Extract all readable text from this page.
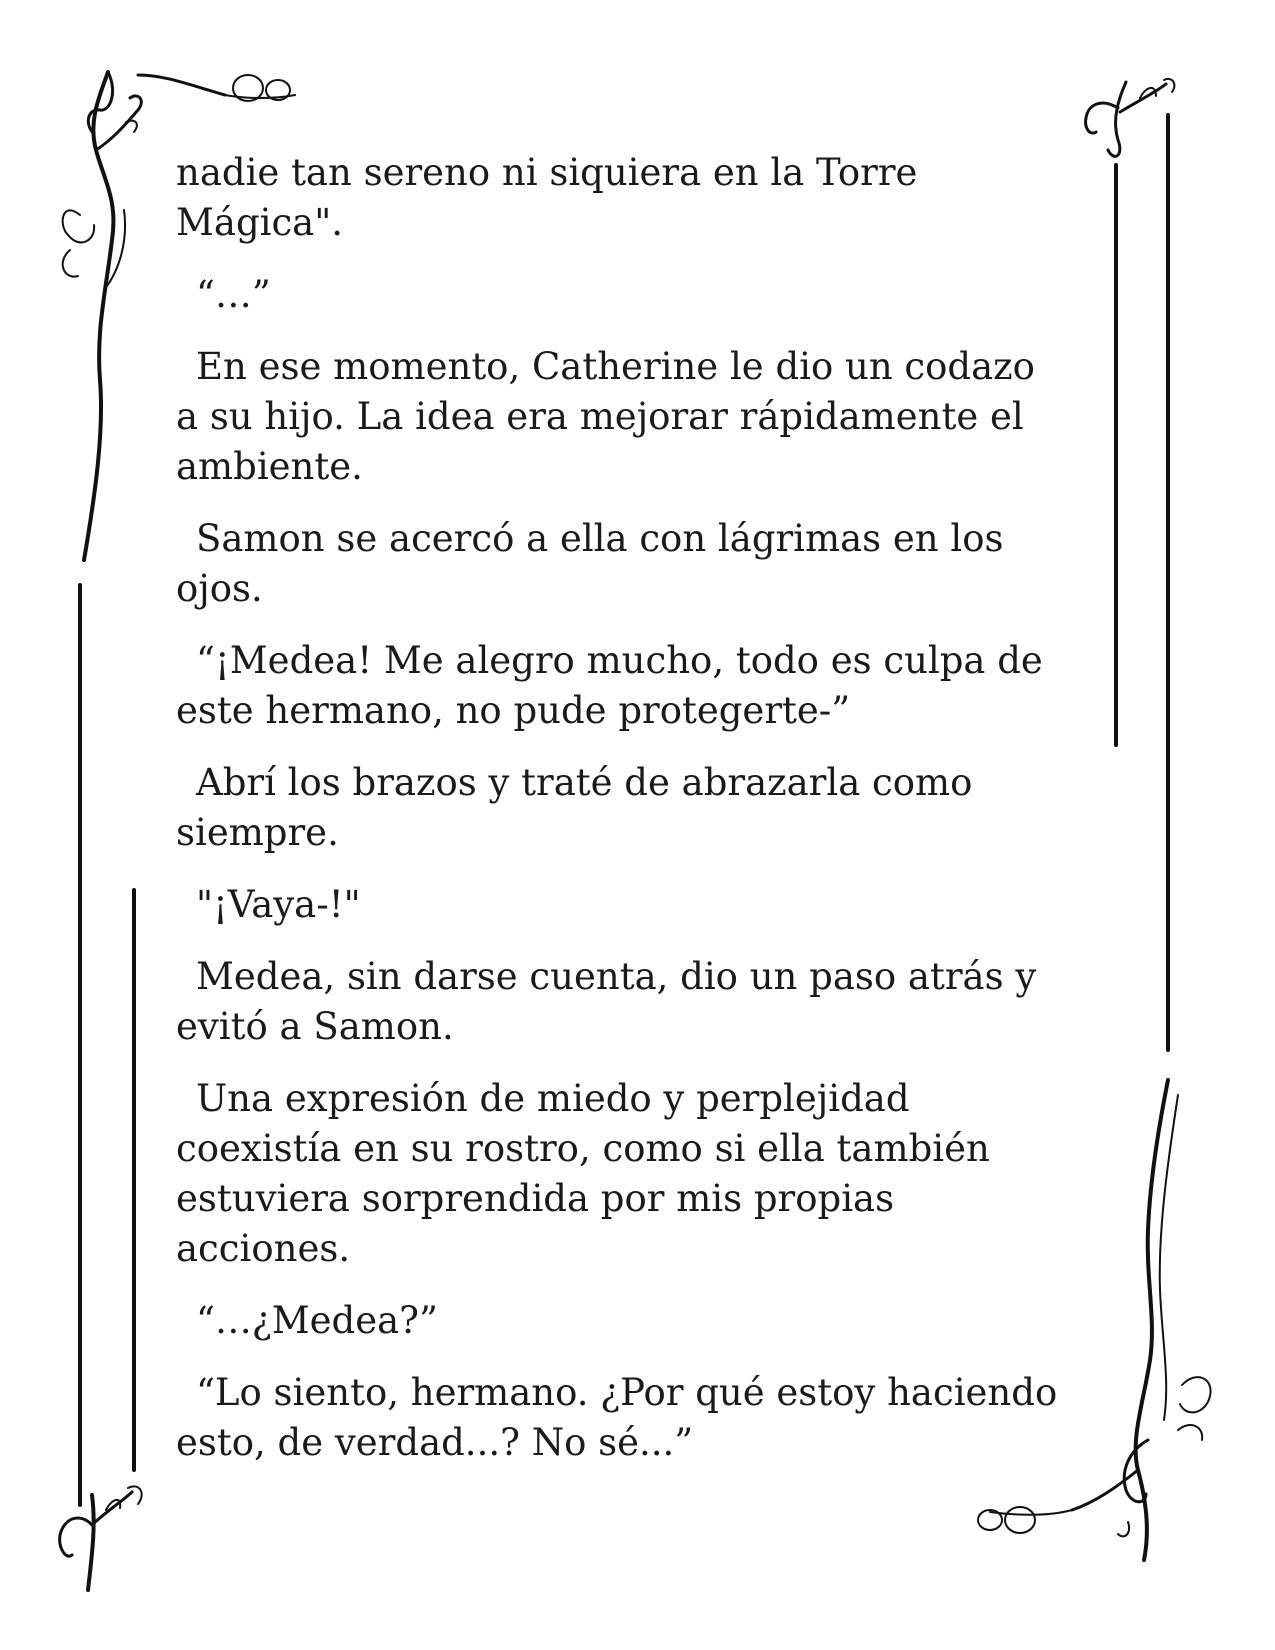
nadie tan sereno ni siquiera en la Torre
Mágica".

“…”

En ese momento, Catherine le dio un codazo
a su hijo. La idea era mejorar rápidamente el
ambiente.

Samon se acercó a ella con lágrimas en los
ojos.

“¡Medea! Me alegro mucho, todo es culpa de
este hermano, no pude protegerte-”

Abrí los brazos y traté de abrazarla como
siempre.

"¡Vaya-!"

Medea, sin darse cuenta, dio un paso atrás y
evitó a Samon.

Una expresión de miedo y perplejidad
coexistía en su rostro, como si ella también
estuviera sorprendida por mis propias
acciones.

“…¿Medea?”

“Lo siento, hermano. ¿Por qué estoy haciendo
esto, de verdad...? No sé...”
